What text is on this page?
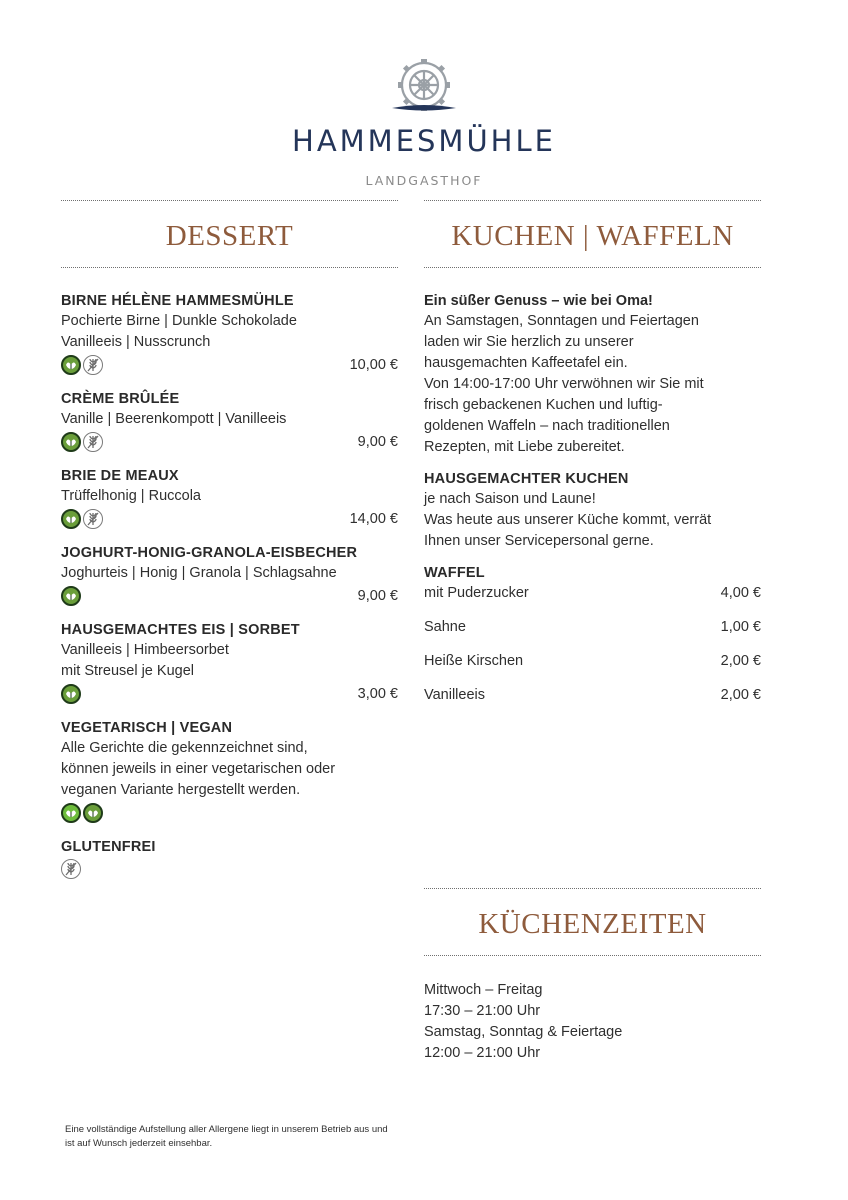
HAMMESMÜHLE
LANDGASTHOF
DESSERT
BIRNE HÉLÈNE HAMMESMÜHLE
Pochierte Birne | Dunkle Schokolade
Vanilleeis | Nusscrunch
10,00 €
CRÈME BRÛLÉE
Vanille | Beerenkompott | Vanilleeis
9,00 €
BRIE DE MEAUX
Trüffelhonig | Ruccola
14,00 €
JOGHURT-HONIG-GRANOLA-EISBECHER
Joghurteis | Honig | Granola | Schlagsahne
9,00 €
HAUSGEMACHTES EIS | SORBET
Vanilleeis | Himbeersorbet
mit Streusel je Kugel
3,00 €
VEGETARISCH | VEGAN
Alle Gerichte die gekennzeichnet sind,
können jeweils in einer vegetarischen oder
veganen Variante hergestellt werden.
GLUTENFREI
KUCHEN | WAFFELN
Ein süßer Genuss – wie bei Oma!
An Samstagen, Sonntagen und Feiertagen
laden wir Sie herzlich zu unserer
hausgemachten Kaffeetafel ein.
Von 14:00-17:00 Uhr verwöhnen wir Sie mit
frisch gebackenen Kuchen und luftig-
goldenen Waffeln – nach traditionellen
Rezepten, mit Liebe zubereitet.
HAUSGEMACHTER KUCHEN
je nach Saison und Laune!
Was heute aus unserer Küche kommt, verrät
Ihnen unser Servicepersonal gerne.
WAFFEL
mit Puderzucker	4,00 €
Sahne	1,00 €
Heiße Kirschen	2,00 €
Vanilleeis	2,00 €
KÜCHENZEITEN
Mittwoch – Freitag
17:30 – 21:00 Uhr
Samstag, Sonntag & Feiertage
12:00 – 21:00 Uhr
Eine vollständige Aufstellung aller Allergene liegt in unserem Betrieb aus und
ist auf Wunsch jederzeit einsehbar.
